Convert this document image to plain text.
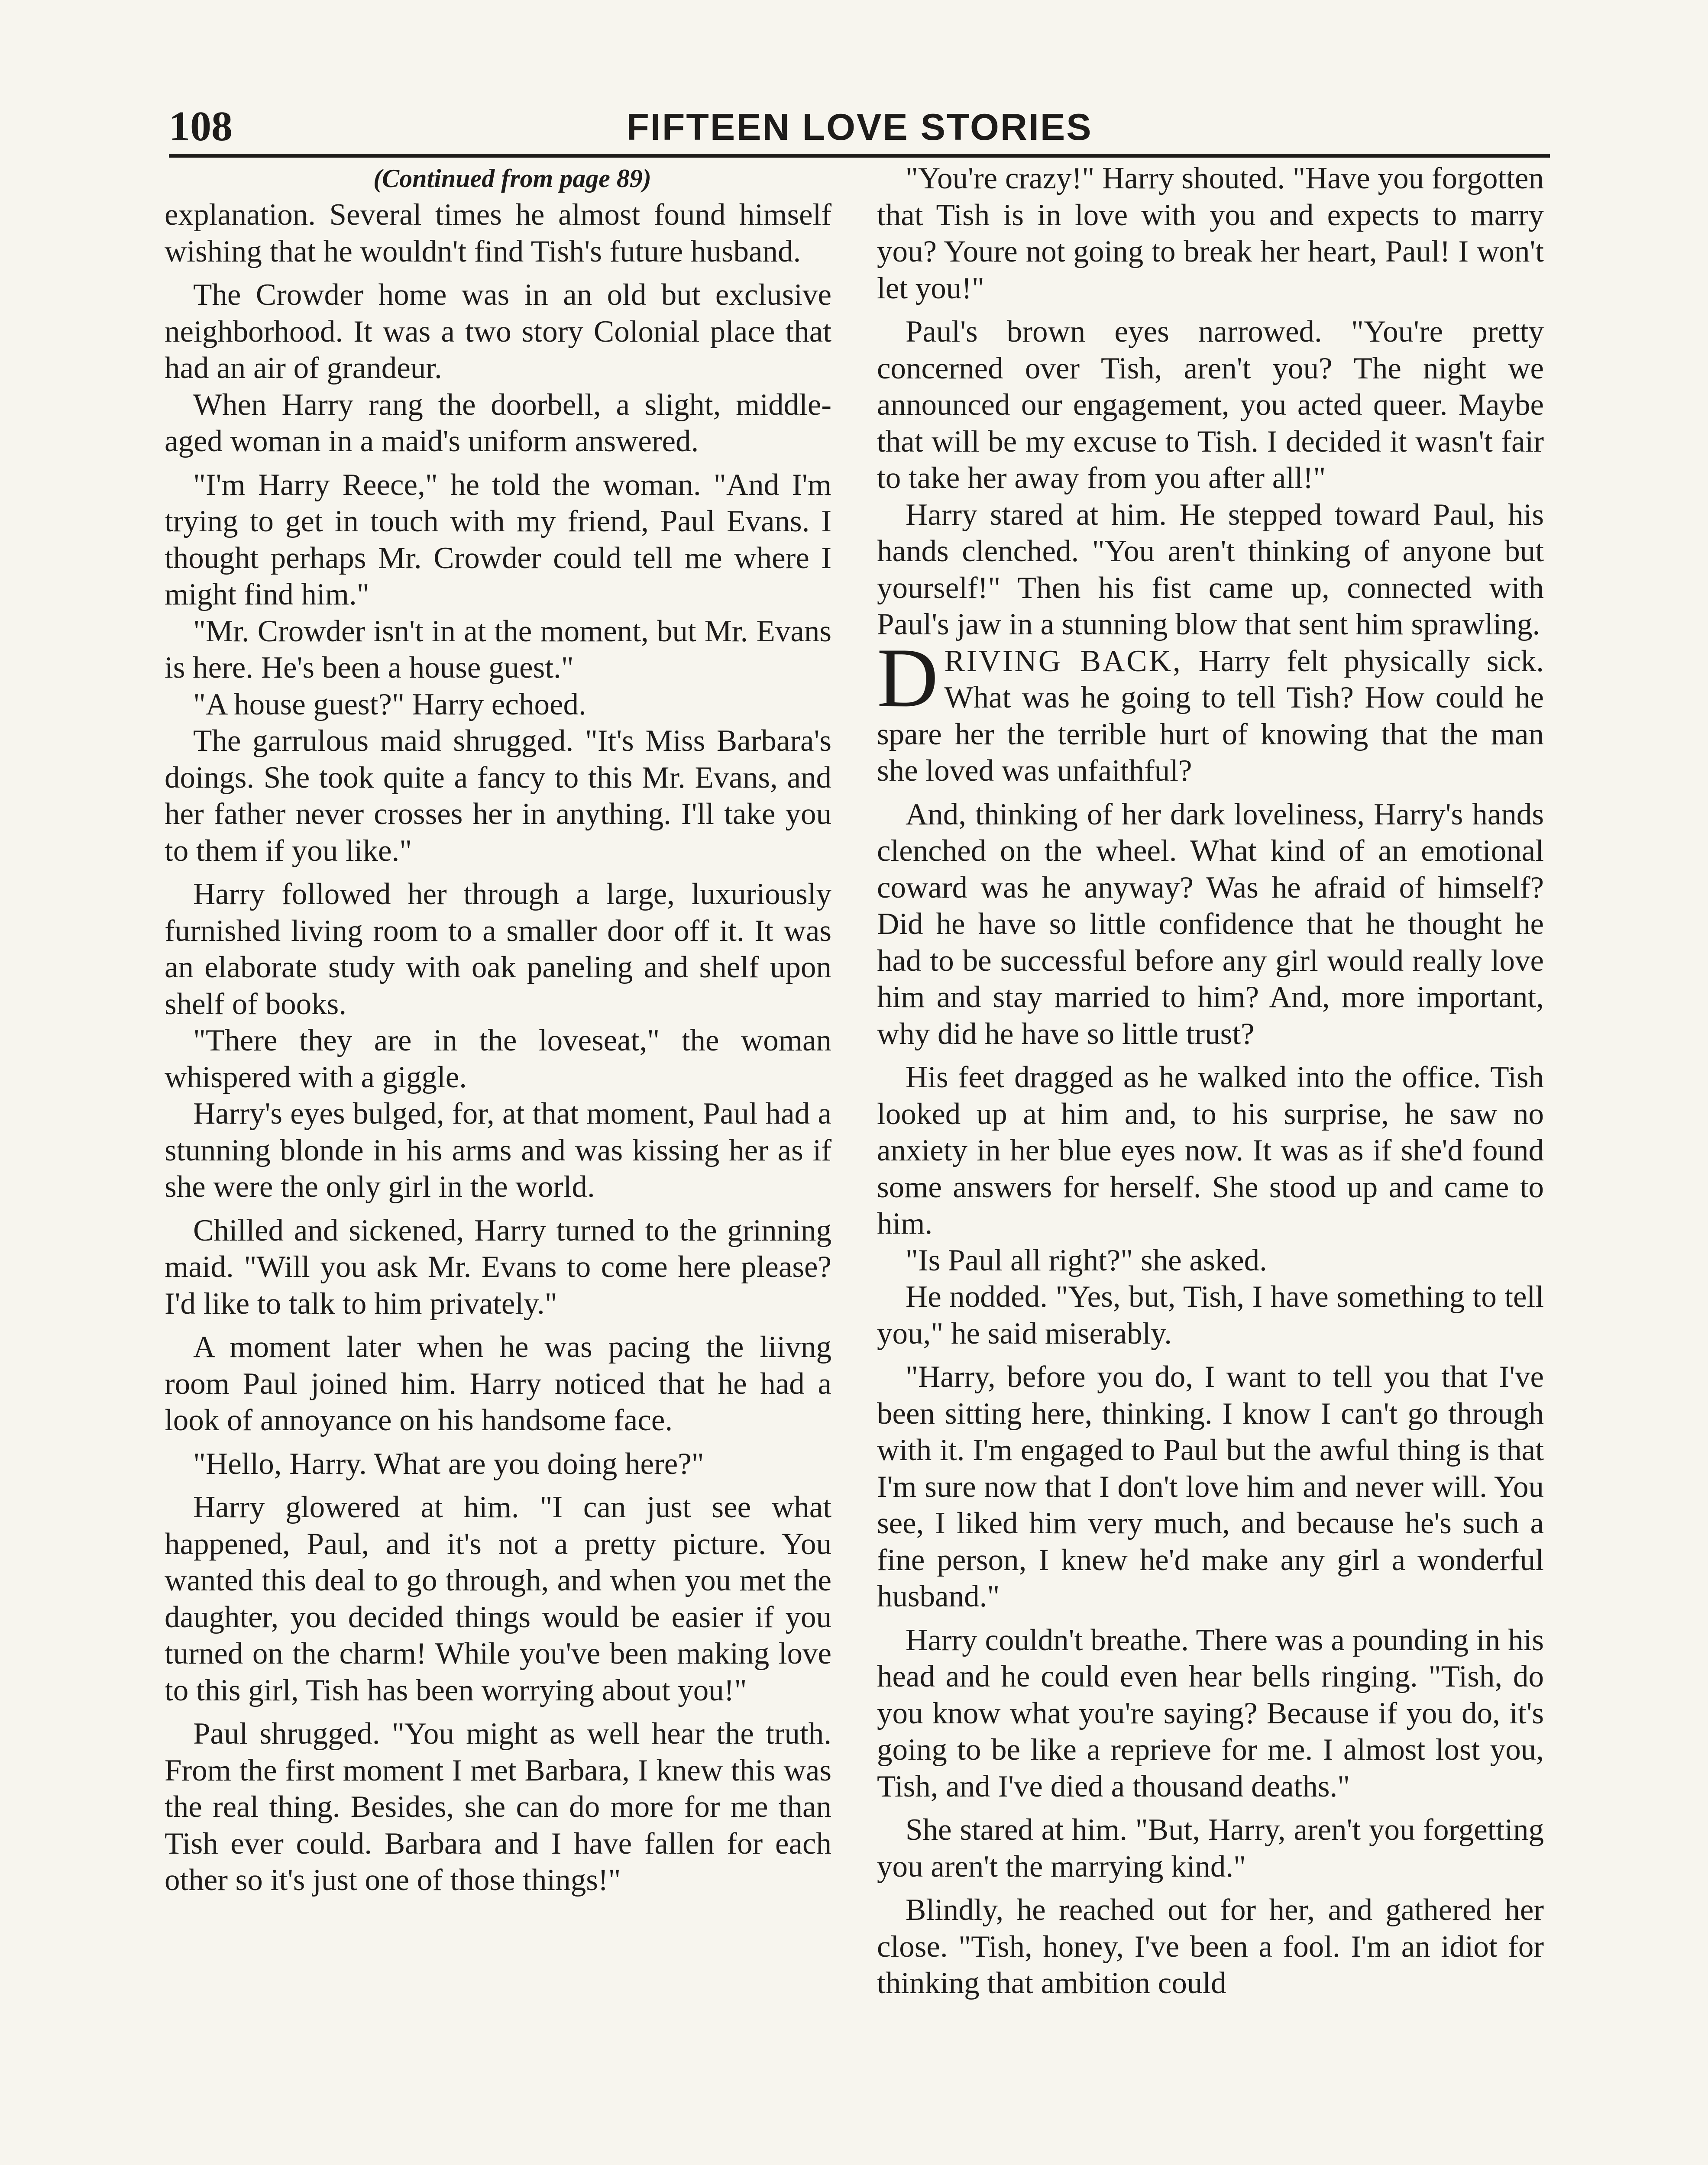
108	FIFTEEN LOVE STORIES

(Continued from page 89)

explanation. Several times he almost found himself wishing that he wouldn't find Tish's future husband.

The Crowder home was in an old but exclusive neighborhood. It was a two story Colonial place that had an air of grandeur.

When Harry rang the doorbell, a slight, middle-aged woman in a maid's uniform answered.

"I'm Harry Reece," he told the woman. "And I'm trying to get in touch with my friend, Paul Evans. I thought perhaps Mr. Crowder could tell me where I might find him."

"Mr. Crowder isn't in at the moment, but Mr. Evans is here. He's been a house guest."

"A house guest?" Harry echoed.

The garrulous maid shrugged. "It's Miss Barbara's doings. She took quite a fancy to this Mr. Evans, and her father never crosses her in anything. I'll take you to them if you like."

Harry followed her through a large, luxuriously furnished living room to a smaller door off it. It was an elaborate study with oak paneling and shelf upon shelf of books.

"There they are in the loveseat," the woman whispered with a giggle.

Harry's eyes bulged, for, at that moment, Paul had a stunning blonde in his arms and was kissing her as if she were the only girl in the world.

Chilled and sickened, Harry turned to the grinning maid. "Will you ask Mr. Evans to come here please? I'd like to talk to him privately."

A moment later when he was pacing the liivng room Paul joined him. Harry noticed that he had a look of annoyance on his handsome face.

"Hello, Harry. What are you doing here?"

Harry glowered at him. "I can just see what happened, Paul, and it's not a pretty picture. You wanted this deal to go through, and when you met the daughter, you decided things would be easier if you turned on the charm! While you've been making love to this girl, Tish has been worrying about you!"

Paul shrugged. "You might as well hear the truth. From the first moment I met Barbara, I knew this was the real thing. Besides, she can do more for me than Tish ever could. Barbara and I have fallen for each other so it's just one of those things!"

"You're crazy!" Harry shouted. "Have you forgotten that Tish is in love with you and expects to marry you? Youre not going to break her heart, Paul! I won't let you!"

Paul's brown eyes narrowed. "You're pretty concerned over Tish, aren't you? The night we announced our engagement, you acted queer. Maybe that will be my excuse to Tish. I decided it wasn't fair to take her away from you after all!"

Harry stared at him. He stepped toward Paul, his hands clenched. "You aren't thinking of anyone but yourself!" Then his fist came up, connected with Paul's jaw in a stunning blow that sent him sprawling.

DRIVING BACK, Harry felt physically sick. What was he going to tell Tish? How could he spare her the terrible hurt of knowing that the man she loved was unfaithful?

And, thinking of her dark loveliness, Harry's hands clenched on the wheel. What kind of an emotional coward was he anyway? Was he afraid of himself? Did he have so little confidence that he thought he had to be successful before any girl would really love him and stay married to him? And, more important, why did he have so little trust?

His feet dragged as he walked into the office. Tish looked up at him and, to his surprise, he saw no anxiety in her blue eyes now. It was as if she'd found some answers for herself. She stood up and came to him.

"Is Paul all right?" she asked.

He nodded. "Yes, but, Tish, I have something to tell you," he said miserably.

"Harry, before you do, I want to tell you that I've been sitting here, thinking. I know I can't go through with it. I'm engaged to Paul but the awful thing is that I'm sure now that I don't love him and never will. You see, I liked him very much, and because he's such a fine person, I knew he'd make any girl a wonderful husband."

Harry couldn't breathe. There was a pounding in his head and he could even hear bells ringing. "Tish, do you know what you're saying? Because if you do, it's going to be like a reprieve for me. I almost lost you, Tish, and I've died a thousand deaths."

She stared at him. "But, Harry, aren't you forgetting you aren't the marrying kind."

Blindly, he reached out for her, and gathered her close. "Tish, honey, I've been a fool. I'm an idiot for thinking that ambition could
